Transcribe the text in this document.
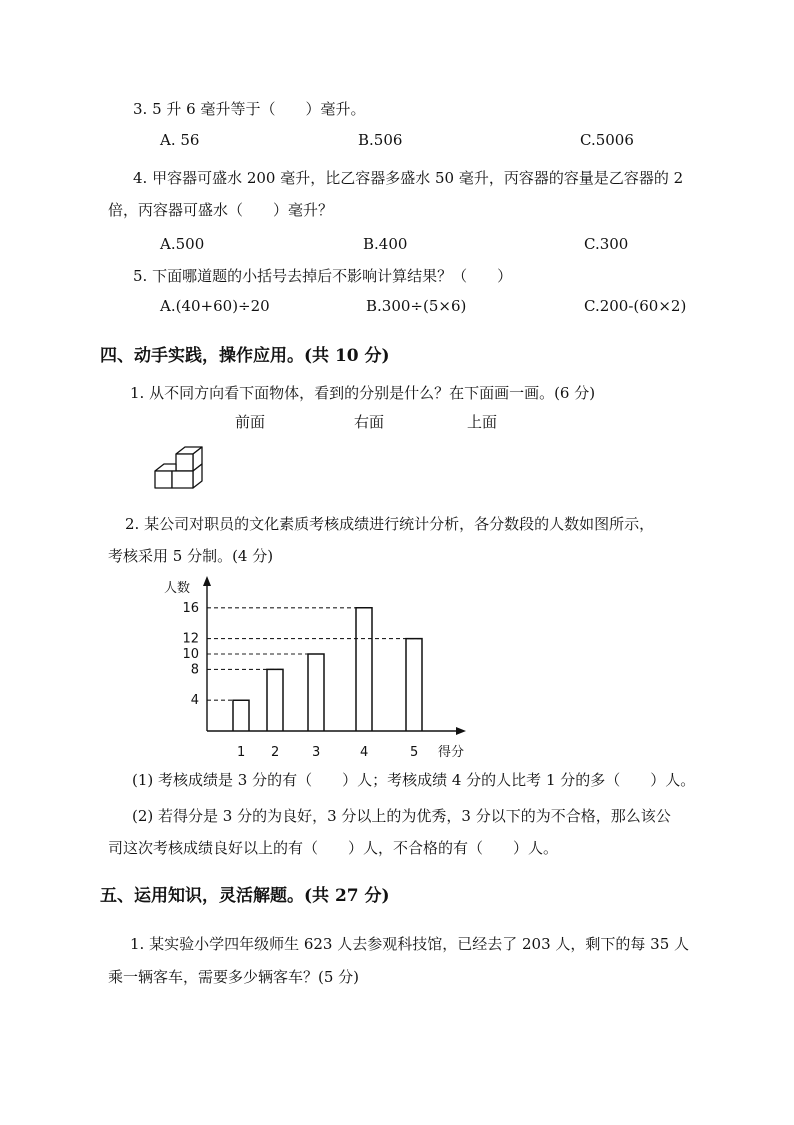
3. 5 升 6 毫升等于（　　）毫升。
A. 56	B.506	C.5006
4. 甲容器可盛水 200 毫升，比乙容器多盛水 50 毫升，丙容器的容量是乙容器的 2
倍，丙容器可盛水（　　）毫升？
A.500	B.400	C.300
5. 下面哪道题的小括号去掉后不影响计算结果？（　　）
A.(40+60)÷20	B.300÷(5×6)	C.200-(60×2)
四、动手实践，操作应用。(共 10 分)
1. 从不同方向看下面物体，看到的分别是什么？在下面画一画。(6 分)
前面	右面	上面
2. 某公司对职员的文化素质考核成绩进行统计分析，各分数段的人数如图所示，
考核采用 5 分制。(4 分)
4
8
10
12
16
1 2	3	4	5
人数
得分
(1) 考核成绩是 3 分的有（　　）人；考核成绩 4 分的人比考 1 分的多（　　）人。
(2) 若得分是 3 分的为良好，3 分以上的为优秀，3 分以下的为不合格，那么该公
司这次考核成绩良好以上的有（　　）人，不合格的有（　　）人。
五、运用知识，灵活解题。(共 27 分)
1. 某实验小学四年级师生 623 人去参观科技馆，已经去了 203 人，剩下的每 35 人
乘一辆客车，需要多少辆客车？(5 分)
